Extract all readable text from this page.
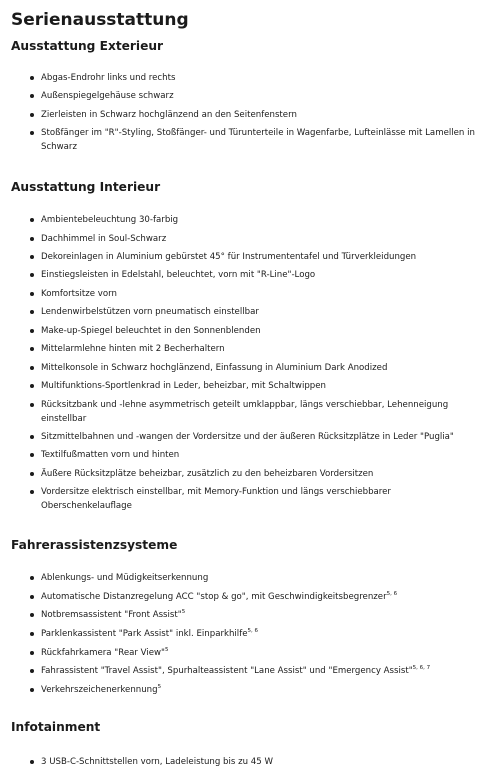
Serienausstattung
Ausstattung Exterieur
Abgas-Endrohr links und rechts
Außenspiegelgehäuse schwarz
Zierleisten in Schwarz hochglänzend an den Seitenfenstern
Stoßfänger im "R"-Styling, Stoßfänger- und Türunterteile in Wagenfarbe, Lufteinlässe mit Lamellen in Schwarz
Ausstattung Interieur
Ambientebeleuchtung 30-farbig
Dachhimmel in Soul-Schwarz
Dekoreinlagen in Aluminium gebürstet 45° für Instrumententafel und Türverkleidungen
Einstiegsleisten in Edelstahl, beleuchtet, vorn mit "R-Line"-Logo
Komfortsitze vorn
Lendenwirbelstützen vorn pneumatisch einstellbar
Make-up-Spiegel beleuchtet in den Sonnenblenden
Mittelarmlehne hinten mit 2 Becherhaltern
Mittelkonsole in Schwarz hochglänzend, Einfassung in Aluminium Dark Anodized
Multifunktions-Sportlenkrad in Leder, beheizbar, mit Schaltwippen
Rücksitzbank und -lehne asymmetrisch geteilt umklappbar, längs verschiebbar, Lehenneigung einstellbar
Sitzmittelbahnen und -wangen der Vordersitze und der äußeren Rücksitzplätze in Leder "Puglia"
Textilfußmatten vorn und hinten
Äußere Rücksitzplätze beheizbar, zusätzlich zu den beheizbaren Vordersitzen
Vordersitze elektrisch einstellbar, mit Memory-Funktion und längs verschiebbarer Oberschenkelauflage
Fahrerassistenzsysteme
Ablenkungs- und Müdigkeitserkennung
Automatische Distanzregelung ACC "stop & go", mit Geschwindigkeitsbegrenzer$^{5, 6}$
Notbremsassistent "Front Assist"$^5$
Parklenkassistent "Park Assist" inkl. Einparkhilfe$^{5, 6}$
Rückfahrkamera "Rear View"$^5$
Fahrassistent "Travel Assist", Spurhalteassistent "Lane Assist" und "Emergency Assist"$^{5, 6, 7}$
Verkehrszeichenerkennung$^5$
Infotainment
3 USB-C-Schnittstellen vorn, Ladeleistung bis zu 45 W
